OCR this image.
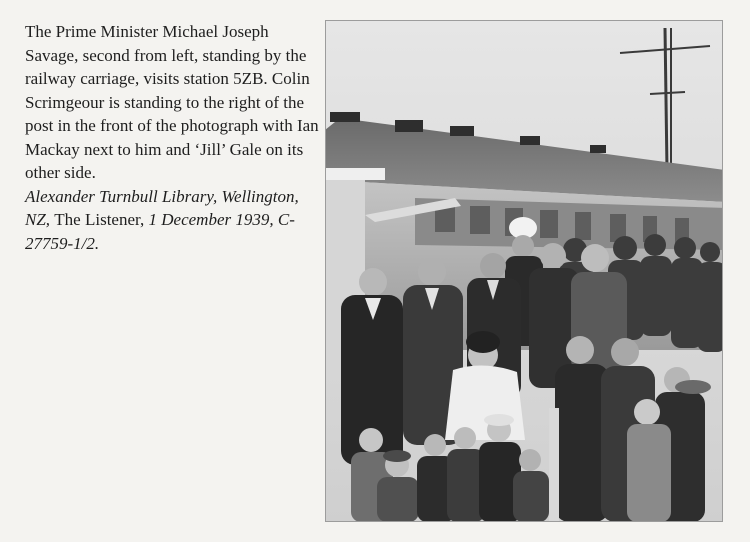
The Prime Minister Michael Joseph Savage, second from left, standing by the railway carriage, visits station 5ZB. Colin Scrimgeour is standing to the right of the post in the front of the photograph with Ian Mackay next to him and ‘Jill’ Gale on its other side.

Alexander Turnbull Library, Wellington, NZ, The Listener, 1 December 1939, C- 27759-1/2.
